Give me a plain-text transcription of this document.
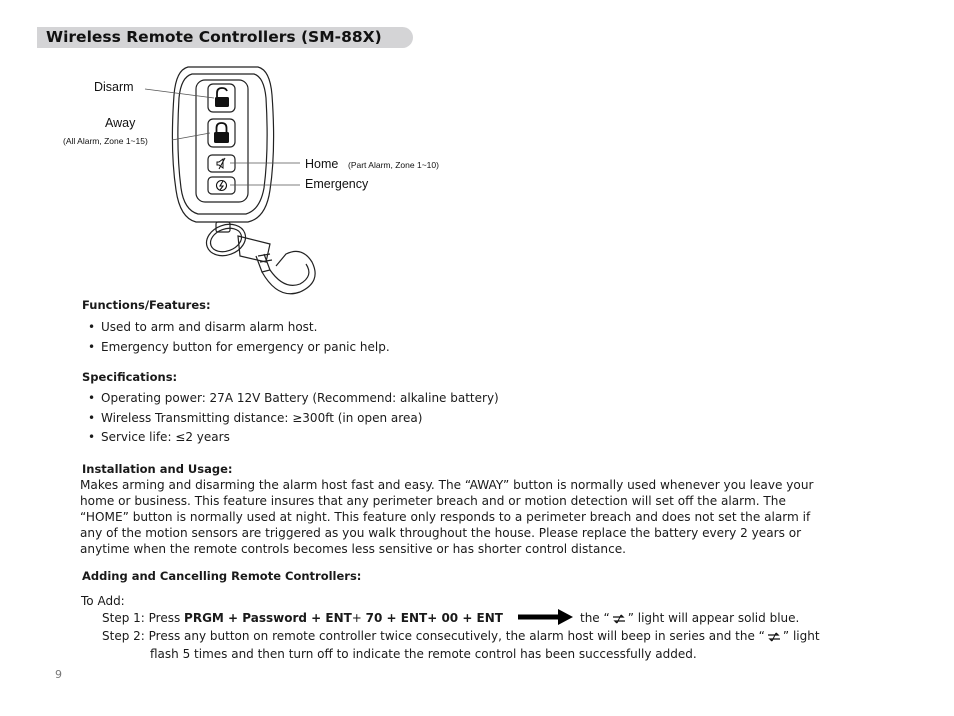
Wireless Remote Controllers (SM-88X)
Disarm
Away
(All Alarm, Zone 1~15)
Home (Part Alarm, Zone 1~10)
Emergency
Functions/Features:
• Used to arm and disarm alarm host.
• Emergency button for emergency or panic help.
Specifications:
• Operating power: 27A 12V Battery (Recommend: alkaline battery)
• Wireless Transmitting distance: ≥300ft (in open area)
• Service life: ≤2 years
Installation and Usage:

Makes arming and disarming the alarm host fast and easy. The “AWAY” button is normally used whenever you leave your

home or business. This feature insures that any perimeter breach and or motion detection will set off the alarm. The

“HOME” button is normally used at night. This feature only responds to a perimeter breach and does not set the alarm if

any of the motion sensors are triggered as you walk throughout the house. Please replace the battery every 2 years or

anytime when the remote controls becomes less sensitive or has shorter control distance.

Adding and Cancelling Remote Controllers:
To Add:
Step 1: Press PRGM + Password + ENT+ 70 + ENT+ 00 + ENT	the “ ” light will appear solid blue.
Step 2: Press any button on remote controller twice consecutively, the alarm host will beep in series and the “ ” light
flash 5 times and then turn off to indicate the remote control has been successfully added.
9
